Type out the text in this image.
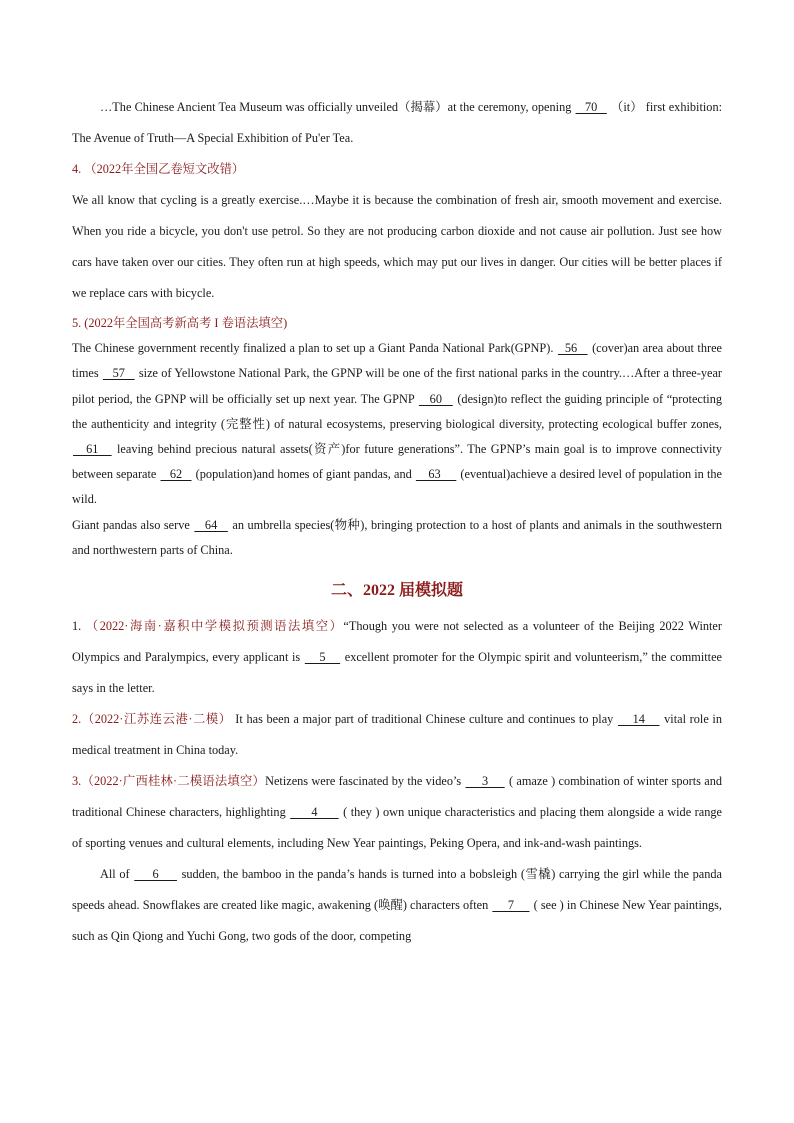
…The Chinese Ancient Tea Museum was officially unveiled（揭幕）at the ceremony, opening    70    （it） first exhibition: The Avenue of Truth—A Special Exhibition of Pu'er Tea.

4. （2022年全国乙卷短文改错）

We all know that cycling is a greatly exercise.…Maybe it is because the combination of fresh air, smooth movement and exercise. When you ride a bicycle, you don't use petrol. So they are not producing carbon dioxide and not cause air pollution. Just see how cars have taken over our cities. They often run at high speeds, which may put our lives in danger. Our cities will be better places if we replace cars with bicycle.

5. (2022年全国高考新高考 I 卷语法填空)

The Chinese government recently finalized a plan to set up a Giant Panda National Park(GPNP).   56    (cover)an area about three times    57    size of Yellowstone National Park, the GPNP will be one of the first national parks in the country.…After a three-year pilot period, the GPNP will be officially set up next year. The GPNP    60    (design)to reflect the guiding principle of “protecting the authenticity and integrity (完整性) of natural ecosystems, preserving biological diversity, protecting ecological buffer zones,    61    leaving behind precious natural assets(资产)for future generations”. The GPNP’s main goal is to improve connectivity between separate    62    (population)and homes of giant pandas, and     63      (eventual)achieve a desired level of population in the wild.

Giant pandas also serve    64    an umbrella species(物种), bringing protection to a host of plants and animals in the southwestern and northwestern parts of China.

二、2022 届模拟题

1. （2022·海南·嘉积中学模拟预测语法填空）“Though you were not selected as a volunteer of the Beijing 2022 Winter Olympics and Paralympics, every applicant is     5     excellent promoter for the Olympic spirit and volunteerism,” the committee says in the letter.

2.（2022·江苏连云港·二模） It has been a major part of traditional Chinese culture and continues to play     14     vital role in medical treatment in China today.

3.（2022·广西桂林·二模语法填空）Netizens were fascinated by the video’s      3      ( amaze ) combination of winter sports and traditional Chinese characters, highlighting       4       ( they ) own unique characteristics and placing them alongside a wide range of sporting venues and cultural elements, including New Year paintings, Peking Opera, and ink-and-wash paintings.

All of      6      sudden, the bamboo in the panda’s hands is turned into a bobsleigh (雪橇) carrying the girl while the panda speeds ahead. Snowflakes are created like magic, awakening (唤醒) characters often      7      ( see ) in Chinese New Year paintings, such as Qin Qiong and Yuchi Gong, two gods of the door, competing
